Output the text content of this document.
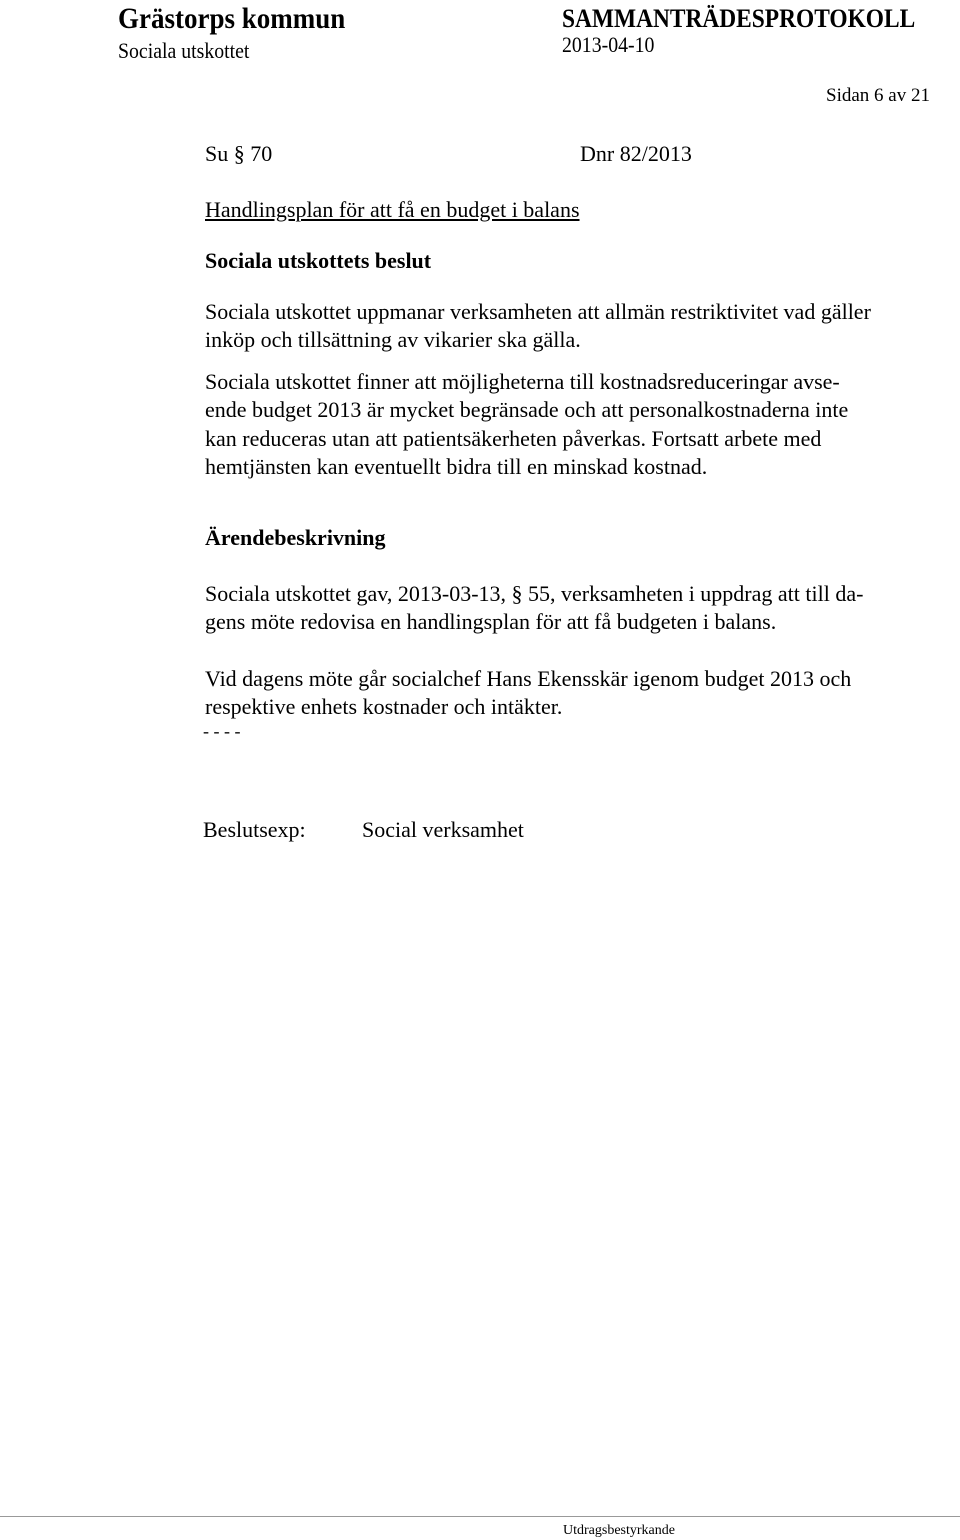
Grästorps kommun
Sociala utskottet
SAMMANTRÄDESPROTOKOLL
2013-04-10
Sidan 6 av 21
Su § 70	Dnr 82/2013
Handlingsplan för att få en budget i balans
Sociala utskottets beslut
Sociala utskottet uppmanar verksamheten att allmän restriktivitet vad gäller
inköp och tillsättning av vikarier ska gälla.
Sociala utskottet finner att möjligheterna till kostnadsreduceringar avse-
ende budget 2013 är mycket begränsade och att personalkostnaderna inte
kan reduceras utan att patientsäkerheten påverkas. Fortsatt arbete med
hemtjänsten kan eventuellt bidra till en minskad kostnad.
Ärendebeskrivning
Sociala utskottet gav, 2013-03-13, § 55, verksamheten i uppdrag att till da-
gens möte redovisa en handlingsplan för att få budgeten i balans.
Vid dagens möte går socialchef Hans Ekensskär igenom budget 2013 och
respektive enhets kostnader och intäkter.
- - - -
Beslutsexp:	Social verksamhet
Utdragsbestyrkande
